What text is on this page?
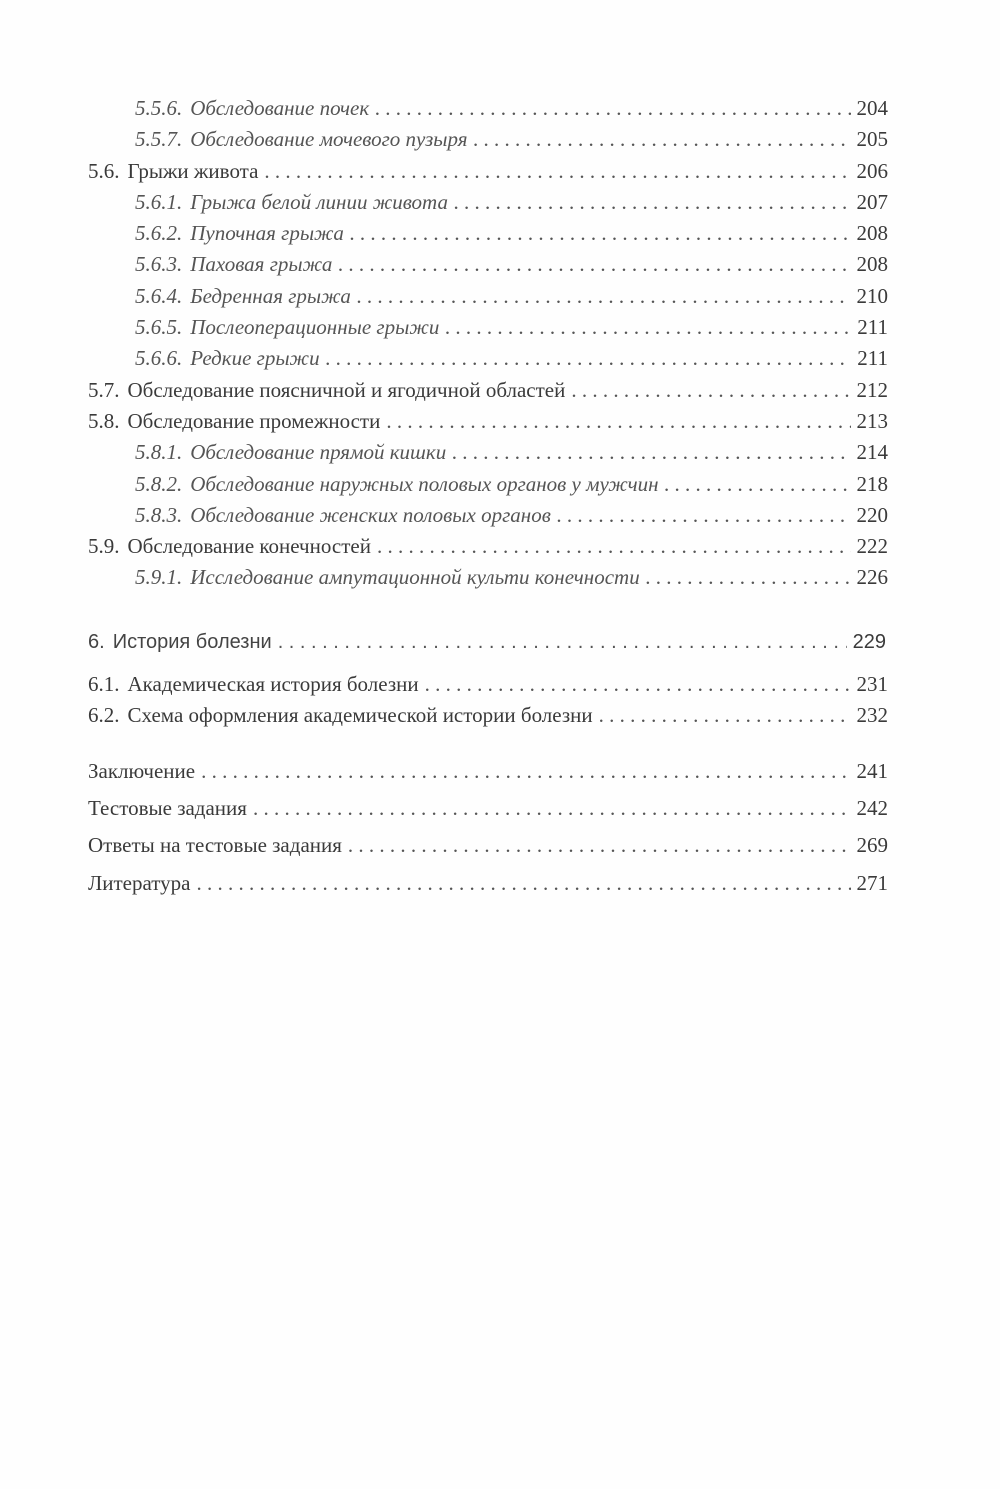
5.5.6. Обследование почек . . .	204
5.5.7. Обследование мочевого пузыря . . .	205
5.6. Грыжи живота . . .	206
5.6.1. Грыжа белой линии живота . . .	207
5.6.2. Пупочная грыжа . . .	208
5.6.3. Паховая грыжа . . .	208
5.6.4. Бедренная грыжа . . .	210
5.6.5. Послеоперационные грыжи . . .	211
5.6.6. Редкие грыжи . . .	211
5.7. Обследование поясничной и ягодичной областей . . .	212
5.8. Обследование промежности . . .	213
5.8.1. Обследование прямой кишки . . .	214
5.8.2. Обследование наружных половых органов у мужчин . . .	218
5.8.3. Обследование женских половых органов . . .	220
5.9. Обследование конечностей . . .	222
5.9.1. Исследование ампутационной культи конечности . . .	226
6. История болезни . . .	229
6.1. Академическая история болезни . . .	231
6.2. Схема оформления академической истории болезни . . .	232
Заключение . . .	241
Тестовые задания . . .	242
Ответы на тестовые задания . . .	269
Литература . . .	271
